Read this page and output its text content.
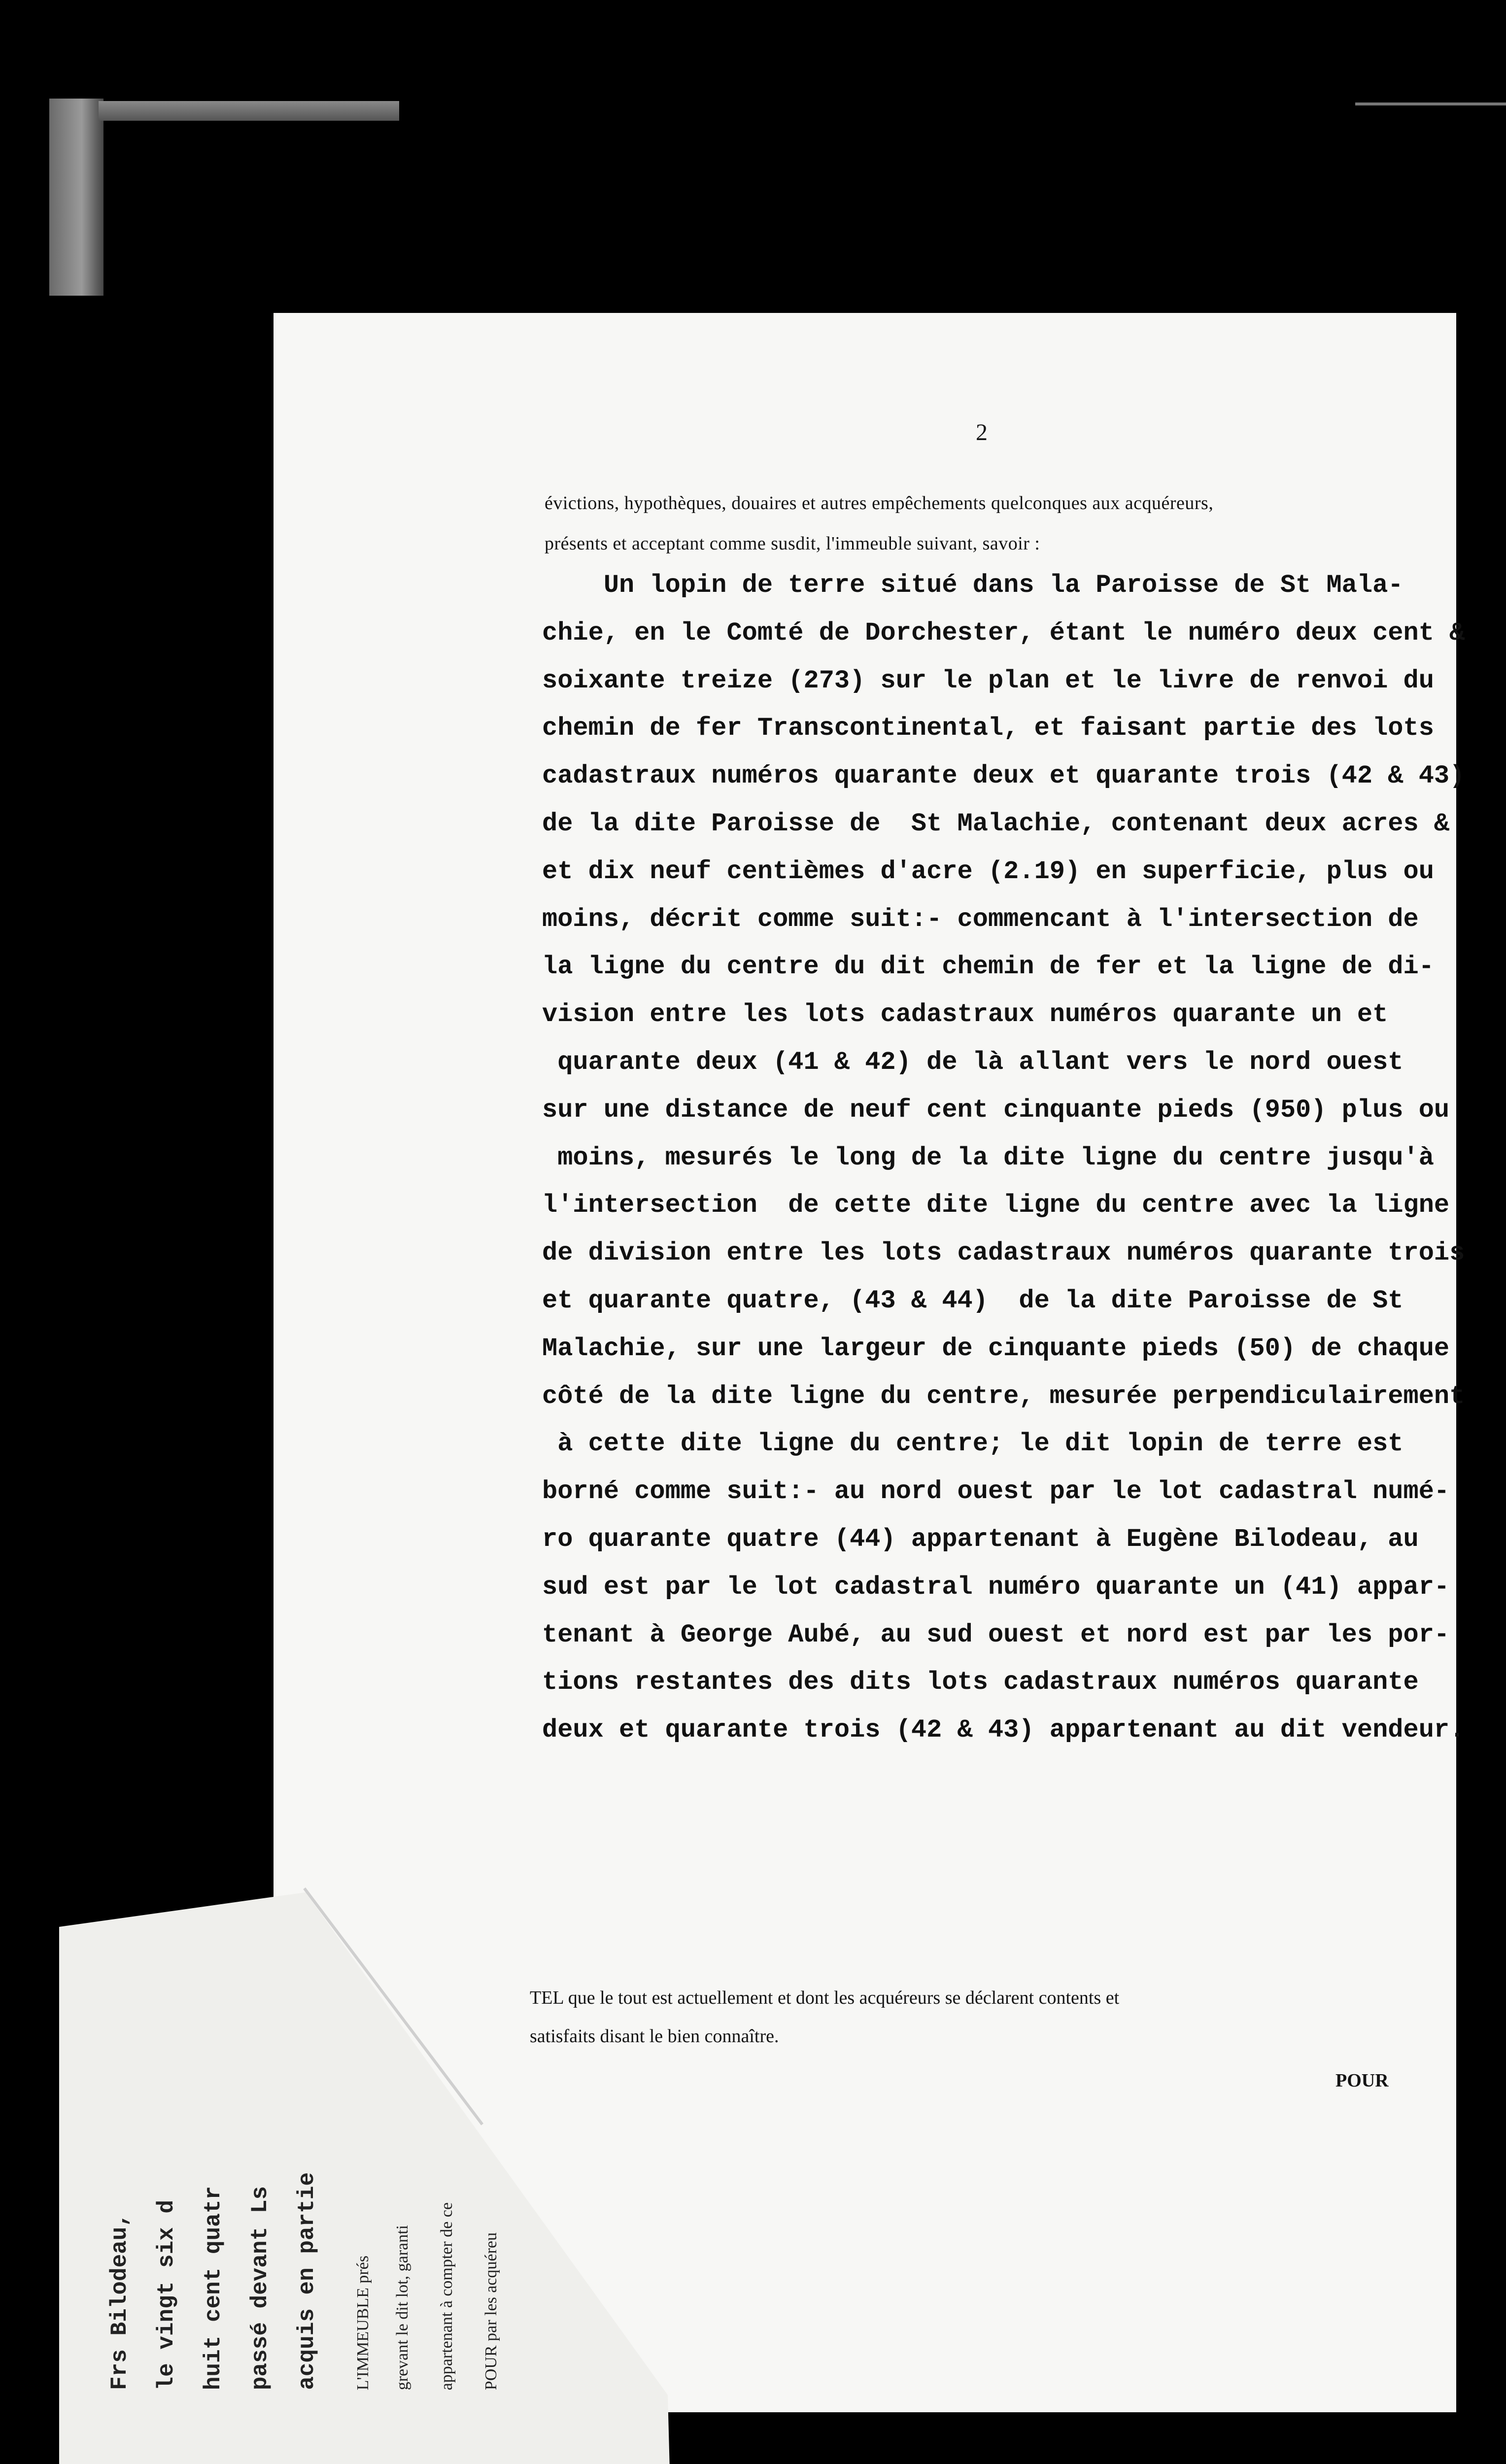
2
évictions, hypothèques, douaires et autres empêchements quelconques aux acquéreurs,
présents et acceptant comme susdit, l'immeuble suivant, savoir :
Un lopin de terre situé dans la Paroisse de St Mala-
chie, en le Comté de Dorchester, étant le numéro deux cent &
soixante treize (273) sur le plan et le livre de renvoi du
chemin de fer Transcontinental, et faisant partie des lots
cadastraux numéros quarante deux et quarante trois (42 & 43)
de la dite Paroisse de  St Malachie, contenant deux acres &
et dix neuf centièmes d'acre (2.19) en superficie, plus ou
moins, décrit comme suit:- commencant à l'intersection de
la ligne du centre du dit chemin de fer et la ligne de di-
vision entre les lots cadastraux numéros quarante un et
quarante deux (41 & 42) de là allant vers le nord ouest
sur une distance de neuf cent cinquante pieds (950) plus ou
moins, mesurés le long de la dite ligne du centre jusqu'à
l'intersection  de cette dite ligne du centre avec la ligne
de division entre les lots cadastraux numéros quarante trois
et quarante quatre, (43 & 44)  de la dite Paroisse de St
Malachie, sur une largeur de cinquante pieds (50) de chaque
côté de la dite ligne du centre, mesurée perpendiculairement
à cette dite ligne du centre; le dit lopin de terre est
borné comme suit:- au nord ouest par le lot cadastral numé-
ro quarante quatre (44) appartenant à Eugène Bilodeau, au
sud est par le lot cadastral numéro quarante un (41) appar-
tenant à George Aubé, au sud ouest et nord est par les por-
tions restantes des dits lots cadastraux numéros quarante
deux et quarante trois (42 & 43) appartenant au dit vendeur.
TEL que le tout est actuellement et dont les acquéreurs se déclarent contents et
satisfaits disant le bien connaître.
POUR
POUR par les acquéreu
appartenant à compter de ce
grevant le dit lot, garanti
L'IMMEUBLE prés
acquis en partie
passé devant Ls
huit cent quatr
le vingt six d
Frs Bilodeau,
